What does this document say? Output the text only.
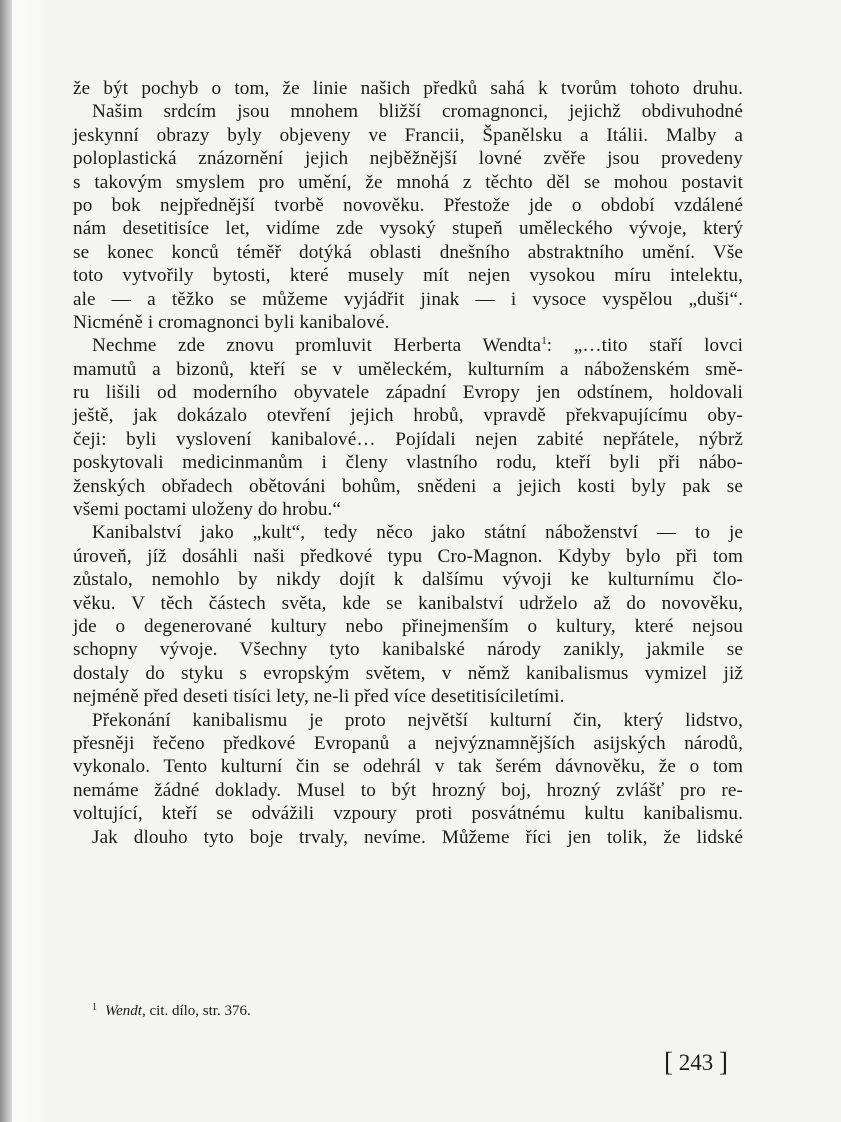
že být pochyb o tom, že linie našich předků sahá k tvorům tohoto druhu.
Našim srdcím jsou mnohem bližší cromagnonci, jejichž obdivuhodné
jeskynní obrazy byly objeveny ve Francii, Španělsku a Itálii. Malby a
poloplastická znázornění jejich nejběžnější lovné zvěře jsou provedeny
s takovým smyslem pro umění, že mnohá z těchto děl se mohou postavit
po bok nejpřednější tvorbě novověku. Přestože jde o období vzdálené
nám desetitisíce let, vidíme zde vysoký stupeň uměleckého vývoje, který
se konec konců téměř dotýká oblasti dnešního abstraktního umění. Vše
toto vytvořily bytosti, které musely mít nejen vysokou míru intelektu,
ale — a těžko se můžeme vyjádřit jinak — i vysoce vyspělou „duši“.
Nicméně i cromagnonci byli kanibalové.
Nechme zde znovu promluvit Herberta Wendta$^1$: „…tito staří lovci
mamutů a bizonů, kteří se v uměleckém, kulturním a náboženském smě-
ru lišili od moderního obyvatele západní Evropy jen odstínem, holdovali
ještě, jak dokázalo otevření jejich hrobů, vpravdě překvapujícímu oby-
čeji: byli vyslovení kanibalové… Pojídali nejen zabité nepřátele, nýbrž
poskytovali medicinmanům i členy vlastního rodu, kteří byli při nábo-
ženských obřadech obětováni bohům, snědeni a jejich kosti byly pak se
všemi poctami uloženy do hrobu.“
Kanibalství jako „kult“, tedy něco jako státní náboženství — to je
úroveň, jíž dosáhli naši předkové typu Cro-Magnon. Kdyby bylo při tom
zůstalo, nemohlo by nikdy dojít k dalšímu vývoji ke kulturnímu člo-
věku. V těch částech světa, kde se kanibalství udrželo až do novověku,
jde o degenerované kultury nebo přinejmenším o kultury, které nejsou
schopny vývoje. Všechny tyto kanibalské národy zanikly, jakmile se
dostaly do styku s evropským světem, v němž kanibalismus vymizel již
nejméně před deseti tisíci lety, ne-li před více desetitisíciletími.
Překonání kanibalismu je proto největší kulturní čin, který lidstvo,
přesněji řečeno předkové Evropanů a nejvýznamnějších asijských národů,
vykonalo. Tento kulturní čin se odehrál v tak šerém dávnověku, že o tom
nemáme žádné doklady. Musel to být hrozný boj, hrozný zvlášť pro re-
voltující, kteří se odvážili vzpoury proti posvátnému kultu kanibalismu.
Jak dlouho tyto boje trvaly, nevíme. Můžeme říci jen tolik, že lidské
$^1$ Wendt, cit. dílo, str. 376.
[ 243 ]
